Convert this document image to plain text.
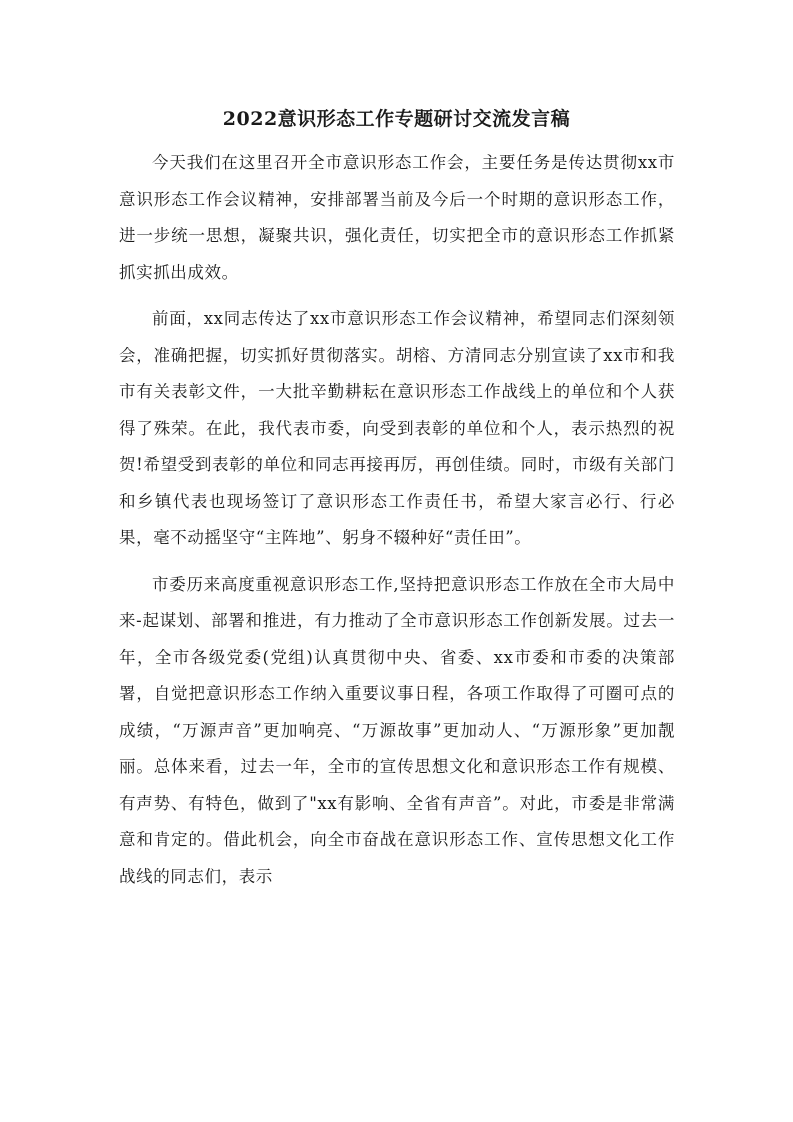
2022意识形态工作专题研讨交流发言稿

今天我们在这里召开全市意识形态工作会，主要任务是传达贯彻xx市意识形态工作会议精神，安排部署当前及今后一个时期的意识形态工作，进一步统一思想，凝聚共识，强化责任，切实把全市的意识形态工作抓紧抓实抓出成效。

前面，xx同志传达了xx市意识形态工作会议精神，希望同志们深刻领会，准确把握，切实抓好贯彻落实。胡榕、方清同志分别宣读了xx市和我市有关表彰文件，一大批辛勤耕耘在意识形态工作战线上的单位和个人获得了殊荣。在此，我代表市委，向受到表彰的单位和个人，表示热烈的祝贺!希望受到表彰的单位和同志再接再厉，再创佳绩。同时，市级有关部门和乡镇代表也现场签订了意识形态工作责任书，希望大家言必行、行必果，毫不动摇坚守“主阵地”、躬身不辍种好“责任田”。

市委历来高度重视意识形态工作,坚持把意识形态工作放在全市大局中来-起谋划、部署和推进，有力推动了全市意识形态工作创新发展。过去一年，全市各级党委(党组)认真贯彻中央、省委、xx市委和市委的决策部署，自觉把意识形态工作纳入重要议事日程，各项工作取得了可圈可点的成绩，“万源声音”更加响亮、“万源故事”更加动人、“万源形象”更加靓丽。总体来看，过去一年，全市的宣传思想文化和意识形态工作有规模、有声势、有特色，做到了"xx有影响、全省有声音”。对此，市委是非常满意和肯定的。借此机会，向全市奋战在意识形态工作、宣传思想文化工作战线的同志们，表示
